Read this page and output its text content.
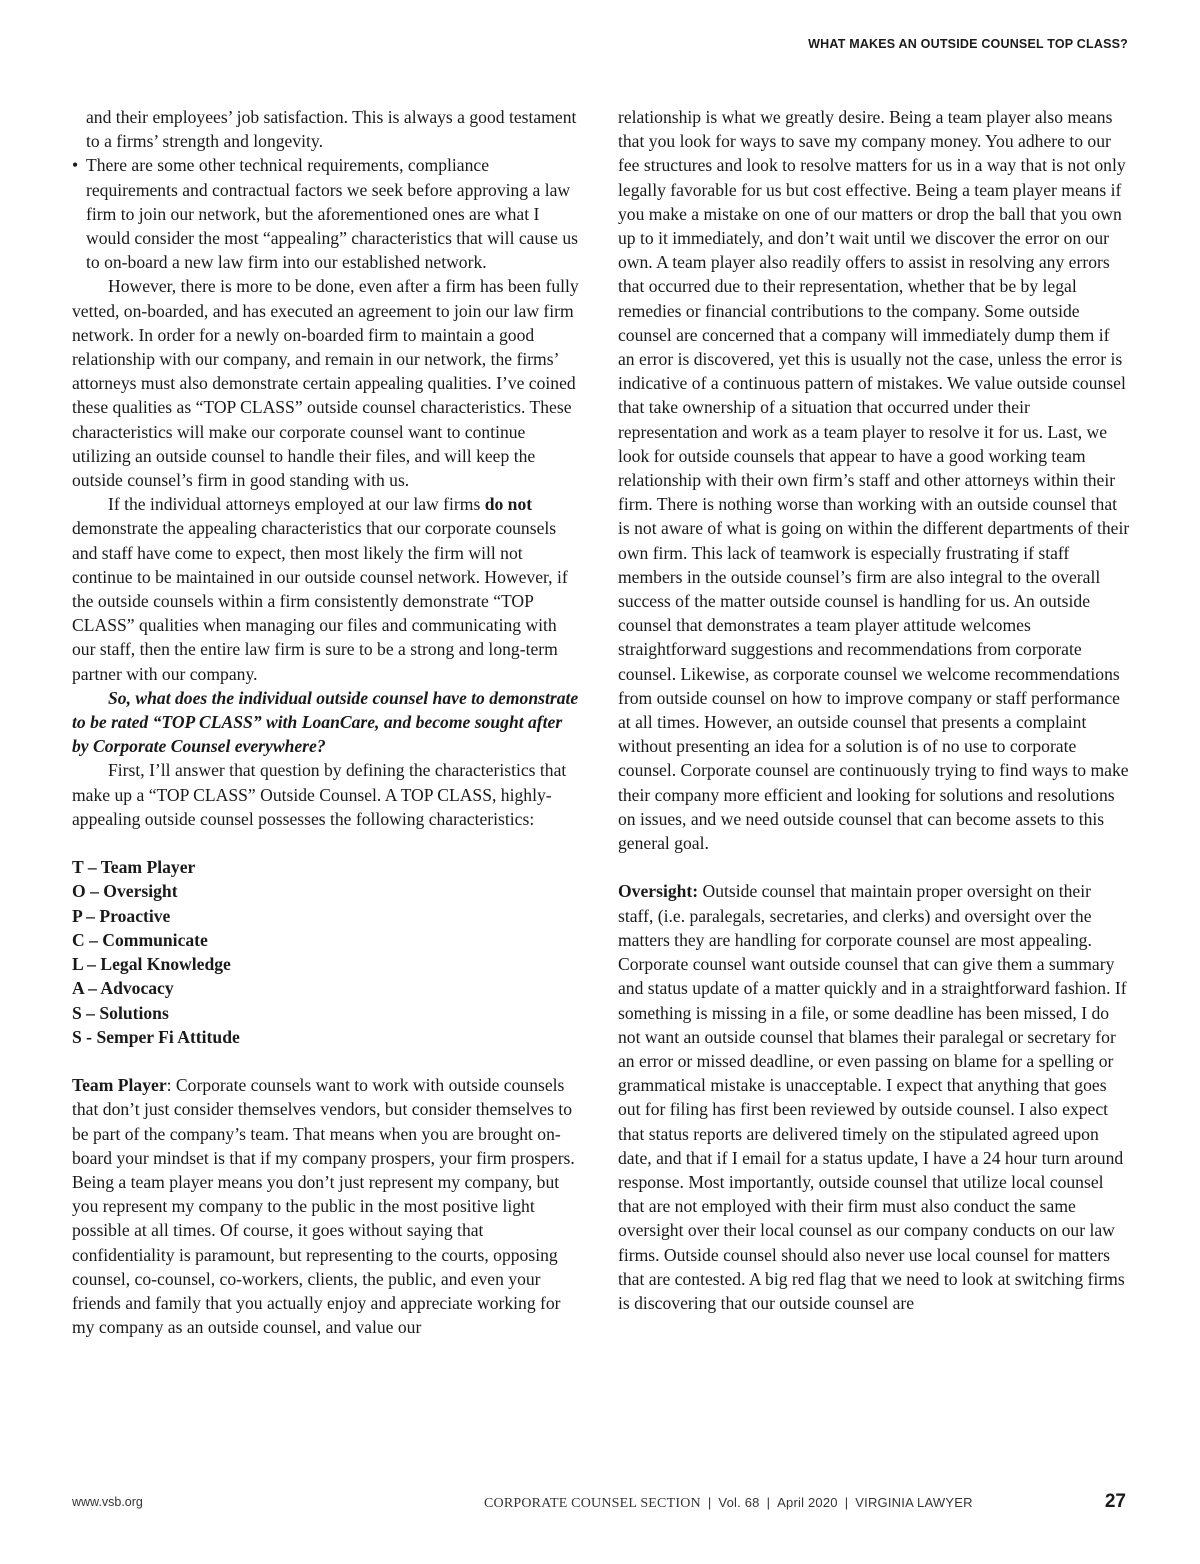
WHAT MAKES AN OUTSIDE COUNSEL TOP CLASS?

and their employees’ job satisfaction. This is always a good testament to a firms’ strength and longevity.

• There are some other technical requirements, compliance requirements and contractual factors we seek before approving a law firm to join our network, but the aforementioned ones are what I would consider the most “appealing” characteristics that will cause us to on-board a new law firm into our established network.

However, there is more to be done, even after a firm has been fully vetted, on-boarded, and has executed an agreement to join our law firm network. In order for a newly on-boarded firm to maintain a good relationship with our company, and remain in our network, the firms’ attorneys must also demonstrate certain appealing qualities. I’ve coined these qualities as “TOP CLASS” outside counsel characteristics. These characteristics will make our corporate counsel want to continue utilizing an outside counsel to handle their files, and will keep the outside counsel’s firm in good standing with us.

If the individual attorneys employed at our law firms do not demonstrate the appealing characteristics that our corporate counsels and staff have come to expect, then most likely the firm will not continue to be maintained in our outside counsel network. However, if the outside counsels within a firm consistently demonstrate “TOP CLASS” qualities when managing our files and communicating with our staff, then the entire law firm is sure to be a strong and long-term partner with our company.

So, what does the individual outside counsel have to demonstrate to be rated “TOP CLASS” with LoanCare, and become sought after by Corporate Counsel everywhere?

First, I’ll answer that question by defining the characteristics that make up a “TOP CLASS” Outside Counsel. A TOP CLASS, highly-appealing outside counsel possesses the following characteristics:

T – Team Player
O – Oversight
P – Proactive
C – Communicate
L – Legal Knowledge
A – Advocacy
S – Solutions
S - Semper Fi Attitude

Team Player: Corporate counsels want to work with outside counsels that don’t just consider themselves vendors, but consider themselves to be part of the company’s team. That means when you are brought on-board your mindset is that if my company prospers, your firm prospers. Being a team player means you don’t just represent my company, but you represent my company to the public in the most positive light possible at all times. Of course, it goes without saying that confidentiality is paramount, but representing to the courts, opposing counsel, co-counsel, co-workers, clients, the public, and even your friends and family that you actually enjoy and appreciate working for my company as an outside counsel, and value our

relationship is what we greatly desire. Being a team player also means that you look for ways to save my company money. You adhere to our fee structures and look to resolve matters for us in a way that is not only legally favorable for us but cost effective. Being a team player means if you make a mistake on one of our matters or drop the ball that you own up to it immediately, and don’t wait until we discover the error on our own. A team player also readily offers to assist in resolving any errors that occurred due to their representation, whether that be by legal remedies or financial contributions to the company. Some outside counsel are concerned that a company will immediately dump them if an error is discovered, yet this is usually not the case, unless the error is indicative of a continuous pattern of mistakes. We value outside counsel that take ownership of a situation that occurred under their representation and work as a team player to resolve it for us. Last, we look for outside counsels that appear to have a good working team relationship with their own firm’s staff and other attorneys within their firm. There is nothing worse than working with an outside counsel that is not aware of what is going on within the different departments of their own firm. This lack of teamwork is especially frustrating if staff members in the outside counsel’s firm are also integral to the overall success of the matter outside counsel is handling for us. An outside counsel that demonstrates a team player attitude welcomes straightforward suggestions and recommendations from corporate counsel. Likewise, as corporate counsel we welcome recommendations from outside counsel on how to improve company or staff performance at all times. However, an outside counsel that presents a complaint without presenting an idea for a solution is of no use to corporate counsel. Corporate counsel are continuously trying to find ways to make their company more efficient and looking for solutions and resolutions on issues, and we need outside counsel that can become assets to this general goal.

Oversight: Outside counsel that maintain proper oversight on their staff, (i.e. paralegals, secretaries, and clerks) and oversight over the matters they are handling for corporate counsel are most appealing. Corporate counsel want outside counsel that can give them a summary and status update of a matter quickly and in a straightforward fashion. If something is missing in a file, or some deadline has been missed, I do not want an outside counsel that blames their paralegal or secretary for an error or missed deadline, or even passing on blame for a spelling or grammatical mistake is unacceptable. I expect that anything that goes out for filing has first been reviewed by outside counsel. I also expect that status reports are delivered timely on the stipulated agreed upon date, and that if I email for a status update, I have a 24 hour turn around response. Most importantly, outside counsel that utilize local counsel that are not employed with their firm must also conduct the same oversight over their local counsel as our company conducts on our law firms. Outside counsel should also never use local counsel for matters that are contested. A big red flag that we need to look at switching firms is discovering that our outside counsel are

www.vsb.org	CORPORATE COUNSEL SECTION | Vol. 68 | April 2020 | VIRGINIA LAWYER	27
